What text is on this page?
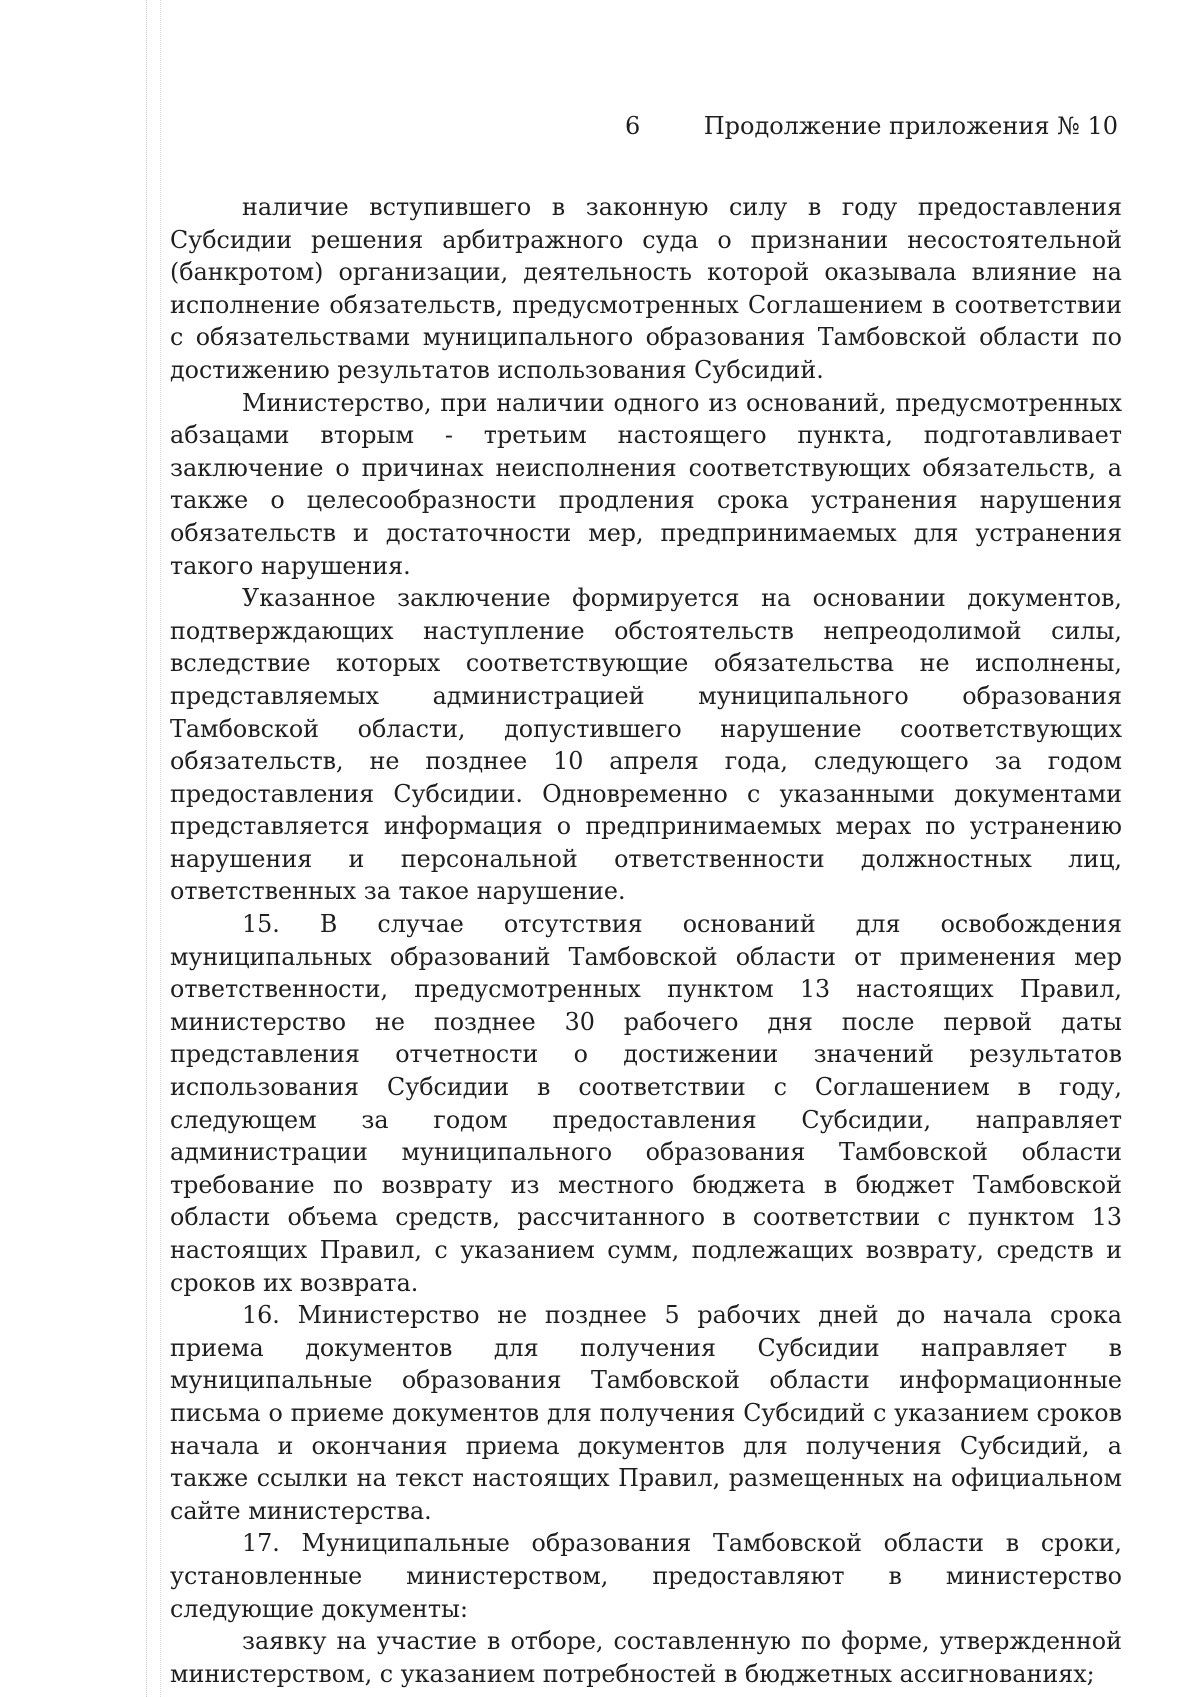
6	Продолжение приложения № 10

наличие вступившего в законную силу в году предоставления Субсидии решения арбитражного суда о признании несостоятельной (банкротом) организации, деятельность которой оказывала влияние на исполнение обязательств, предусмотренных Соглашением в соответствии с обязательствами муниципального образования Тамбовской области по достижению результатов использования Субсидий.

Министерство, при наличии одного из оснований, предусмотренных абзацами вторым - третьим настоящего пункта, подготавливает заключение о причинах неисполнения соответствующих обязательств, а также о целесообразности продления срока устранения нарушения обязательств и достаточности мер, предпринимаемых для устранения такого нарушения.

Указанное заключение формируется на основании документов, подтверждающих наступление обстоятельств непреодолимой силы, вследствие которых соответствующие обязательства не исполнены, представляемых администрацией муниципального образования Тамбовской области, допустившего нарушение соответствующих обязательств, не позднее 10 апреля года, следующего за годом предоставления Субсидии. Одновременно с указанными документами представляется информация о предпринимаемых мерах по устранению нарушения и персональной ответственности должностных лиц, ответственных за такое нарушение.

15. В случае отсутствия оснований для освобождения муниципальных образований Тамбовской области от применения мер ответственности, предусмотренных пунктом 13 настоящих Правил, министерство не позднее 30 рабочего дня после первой даты представления отчетности о достижении значений результатов использования Субсидии в соответствии с Соглашением в году, следующем за годом предоставления Субсидии, направляет администрации муниципального образования Тамбовской области требование по возврату из местного бюджета в бюджет Тамбовской области объема средств, рассчитанного в соответствии с пунктом 13 настоящих Правил, с указанием сумм, подлежащих возврату, средств и сроков их возврата.

16. Министерство не позднее 5 рабочих дней до начала срока приема документов для получения Субсидии направляет в муниципальные образования Тамбовской области информационные письма о приеме документов для получения Субсидий с указанием сроков начала и окончания приема документов для получения Субсидий, а также ссылки на текст настоящих Правил, размещенных на официальном сайте министерства.

17. Муниципальные образования Тамбовской области в сроки, установленные министерством, предоставляют в министерство следующие документы:

заявку на участие в отборе, составленную по форме, утвержденной министерством, с указанием потребностей в бюджетных ассигнованиях;
